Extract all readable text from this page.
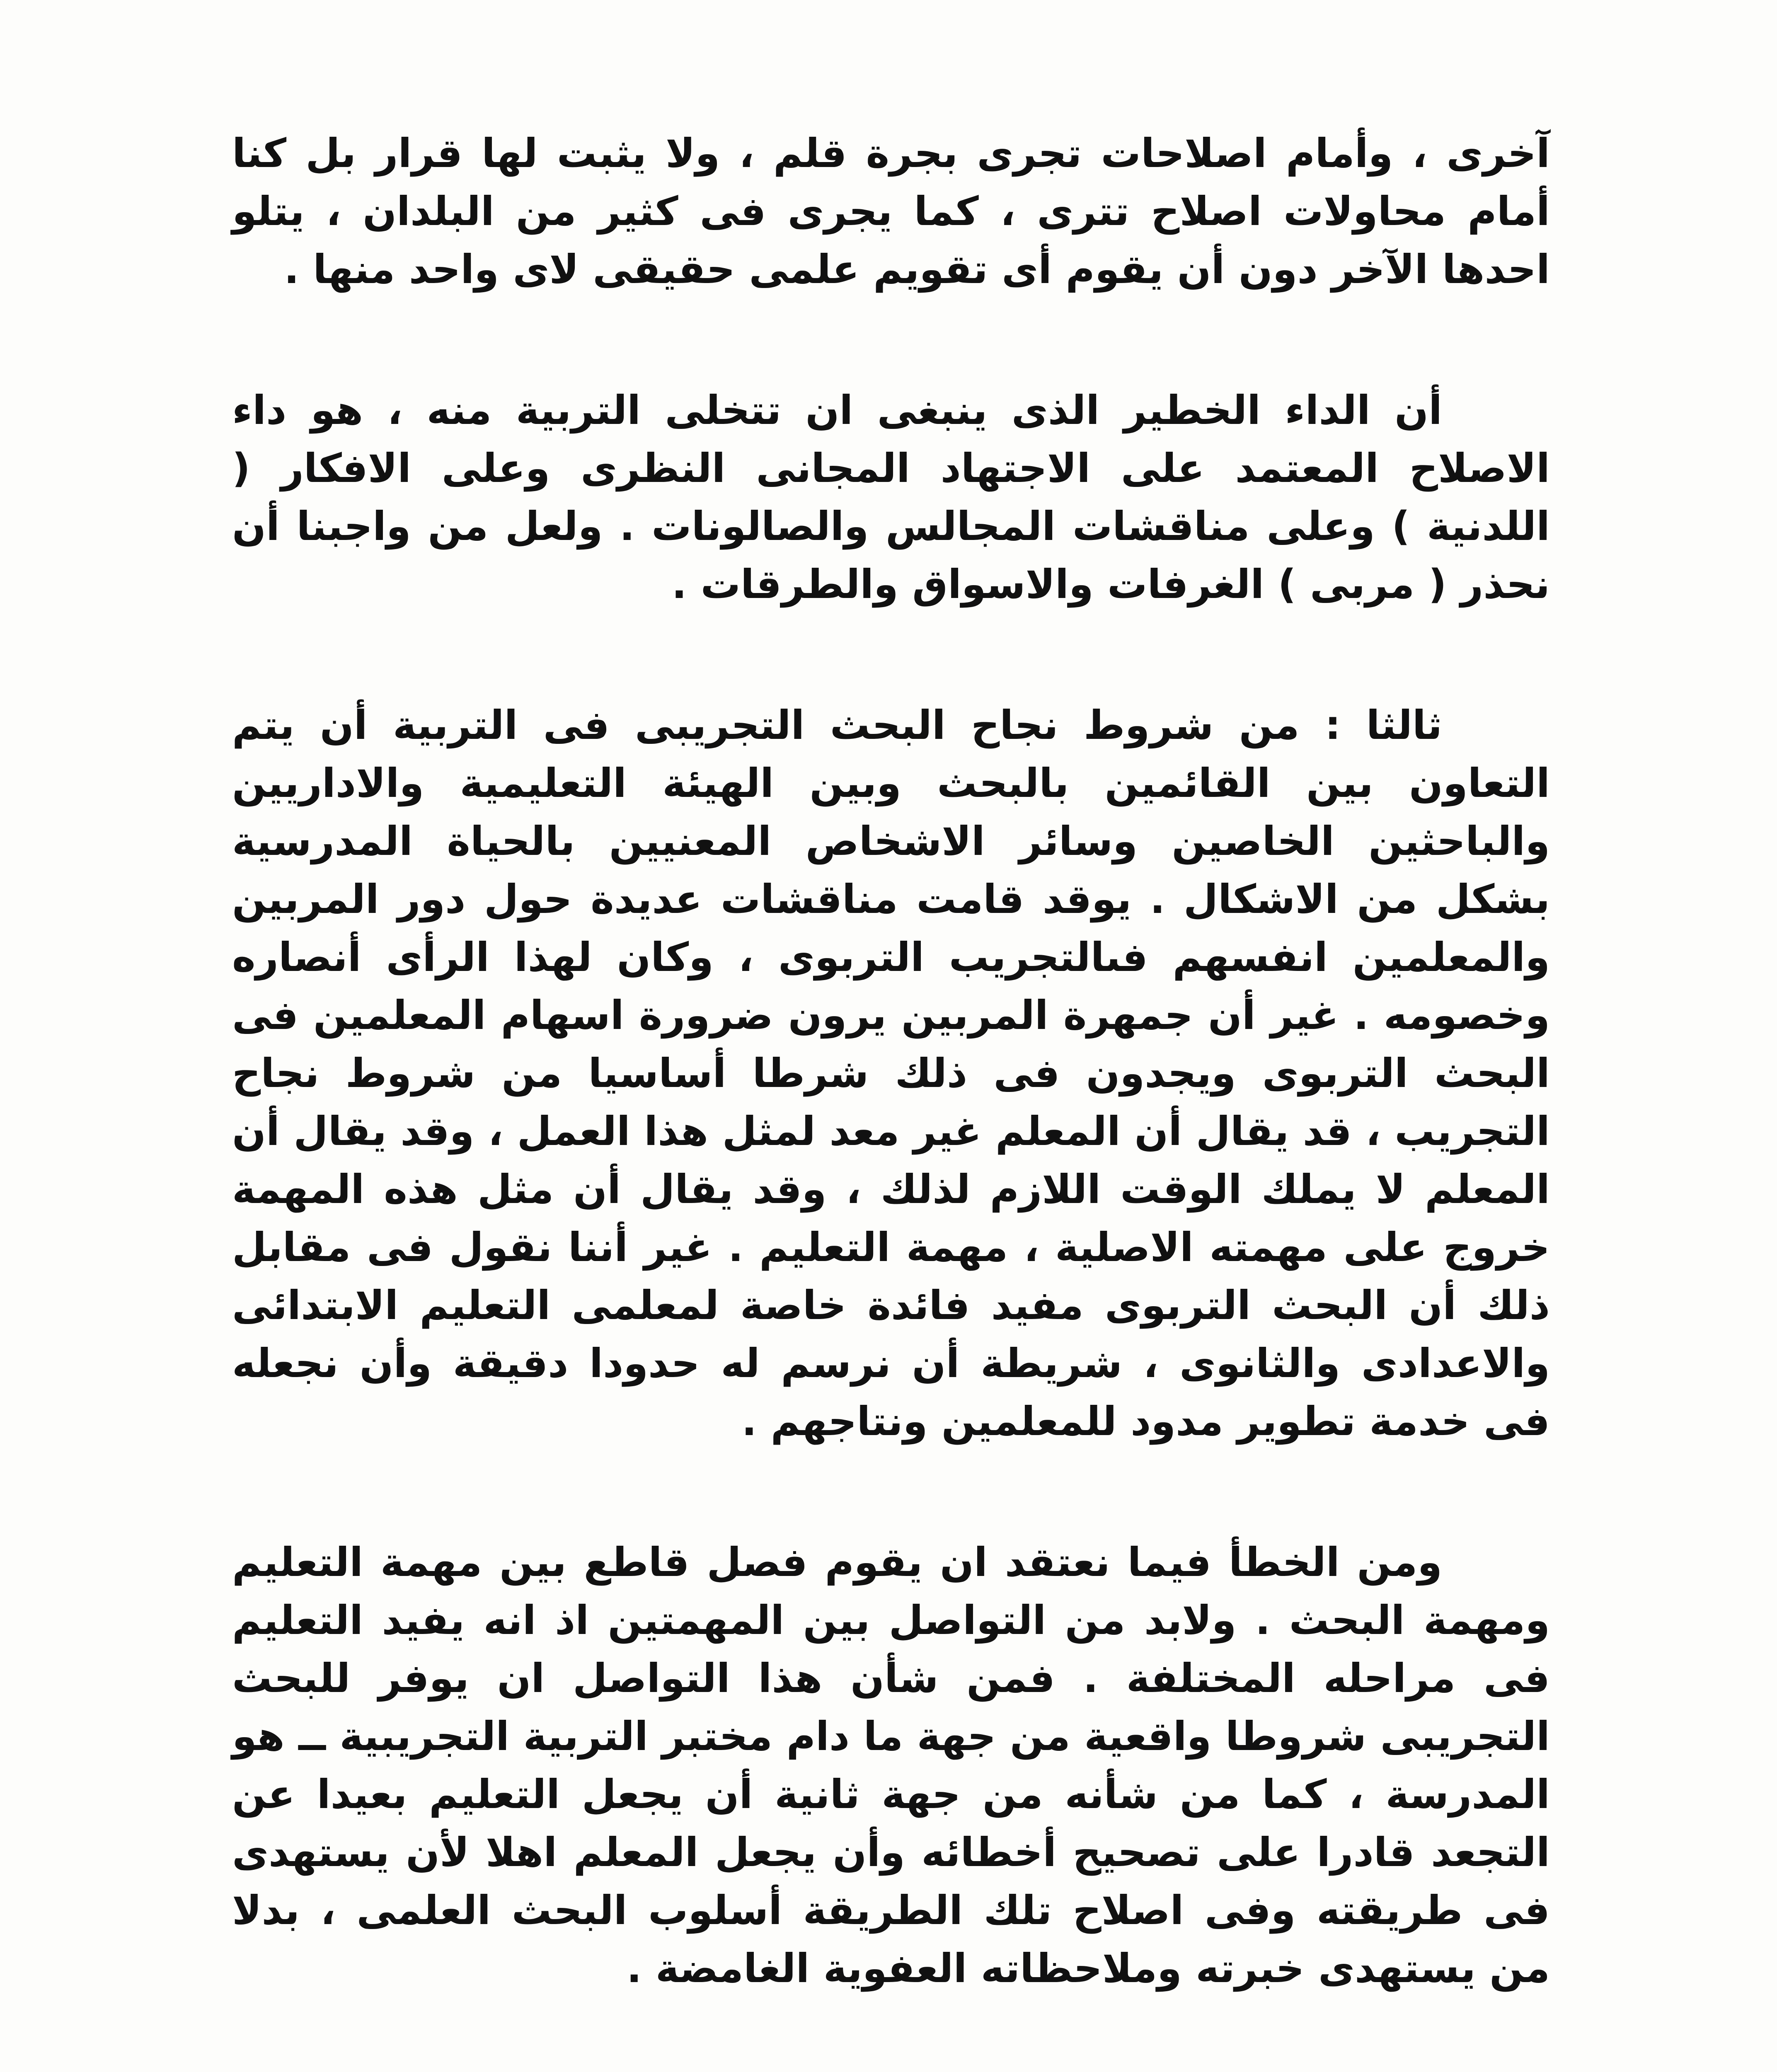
آخرى ، وأمام اصلاحات تجرى بجرة قلم ، ولا يثبت لها قرار بل كنا أمام محاولات اصلاح تترى ، كما يجرى فى كثير من البلدان ، يتلو احدها الآخر دون أن يقوم أى تقويم علمى حقيقى لاى واحد منها .

أن الداء الخطير الذى ينبغى ان تتخلى التربية منه ، هو داء الاصلاح المعتمد على الاجتهاد المجانى النظرى وعلى الافكار ( اللدنية ) وعلى مناقشات المجالس والصالونات . ولعل من واجبنا أن نحذر ( مربى ) الغرفات والاسواق والطرقات .

ثالثا : من شروط نجاح البحث التجريبى فى التربية أن يتم التعاون بين القائمين بالبحث وبين الهيئة التعليمية والاداريين والباحثين الخاصين وسائر الاشخاص المعنيين بالحياة المدرسية بشكل من الاشكال . يوقد قامت مناقشات عديدة حول دور المربين والمعلمين انفسهم فىالتجريب التربوى ، وكان لهذا الرأى أنصاره وخصومه . غير أن جمهرة المربين يرون ضرورة اسهام المعلمين فى البحث التربوى ويجدون فى ذلك شرطا أساسيا من شروط نجاح التجريب ، قد يقال أن المعلم غير معد لمثل هذا العمل ، وقد يقال أن المعلم لا يملك الوقت اللازم لذلك ، وقد يقال أن مثل هذه المهمة خروج على مهمته الاصلية ، مهمة التعليم . غير أننا نقول فى مقابل ذلك أن البحث التربوى مفيد فائدة خاصة لمعلمى التعليم الابتدائى والاعدادى والثانوى ، شريطة أن نرسم له حدودا دقيقة وأن نجعله فى خدمة تطوير مدود للمعلمين ونتاجهم .

ومن الخطأ فيما نعتقد ان يقوم فصل قاطع بين مهمة التعليم ومهمة البحث . ولابد من التواصل بين المهمتين اذ انه يفيد التعليم فى مراحله المختلفة . فمن شأن هذا التواصل ان يوفر للبحث التجريبى شروطا واقعية من جهة ما دام مختبر التربية التجريبية ــ هو المدرسة ، كما من شأنه من جهة ثانية أن يجعل التعليم بعيدا عن التجعد قادرا على تصحيح أخطائه وأن يجعل المعلم اهلا لأن يستهدى فى طريقته وفى اصلاح تلك الطريقة أسلوب البحث العلمى ، بدلا من يستهدى خبرته وملاحظاته العفوية الغامضة .
